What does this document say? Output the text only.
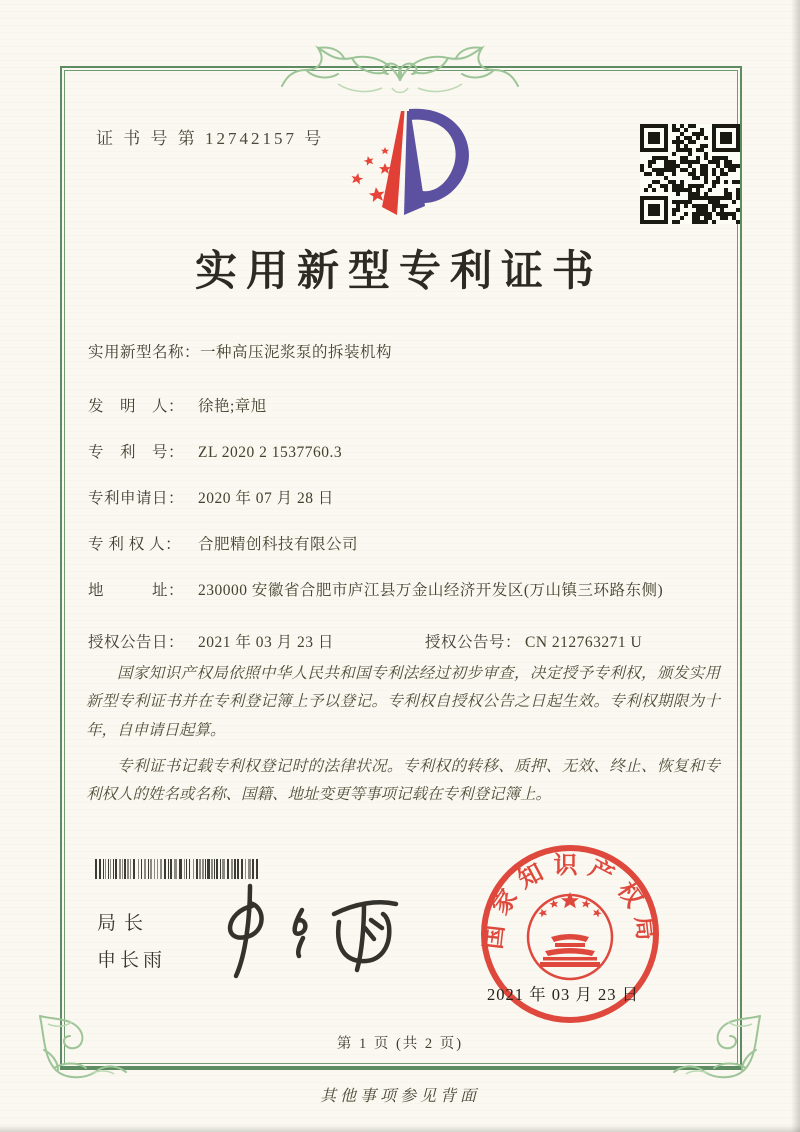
证 书 号 第 12742157 号
实用新型专利证书
实用新型名称： 一种高压泥浆泵的拆装机构
发　明　人： 徐艳;章旭
专　利　号： ZL 2020 2 1537760.3
专利申请日： 2020 年 07 月 28 日
专 利 权 人：	合肥精创科技有限公司
地　　　址： 230000 安徽省合肥市庐江县万金山经济开发区(万山镇三环路东侧)
授权公告日： 2021 年 03 月 23 日	授权公告号： CN 212763271 U

国家知识产权局依照中华人民共和国专利法经过初步审查，决定授予专利权，颁发实用新型专利证书并在专利登记簿上予以登记。专利权自授权公告之日起生效。专利权期限为十年，自申请日起算。

专利证书记载专利权登记时的法律状况。专利权的转移、质押、无效、终止、恢复和专利权人的姓名或名称、国籍、地址变更等事项记载在专利登记簿上。

局长
申长雨
国家知识产权局
2021 年 03 月 23 日
第 1 页 (共 2 页)
其他事项参见背面
